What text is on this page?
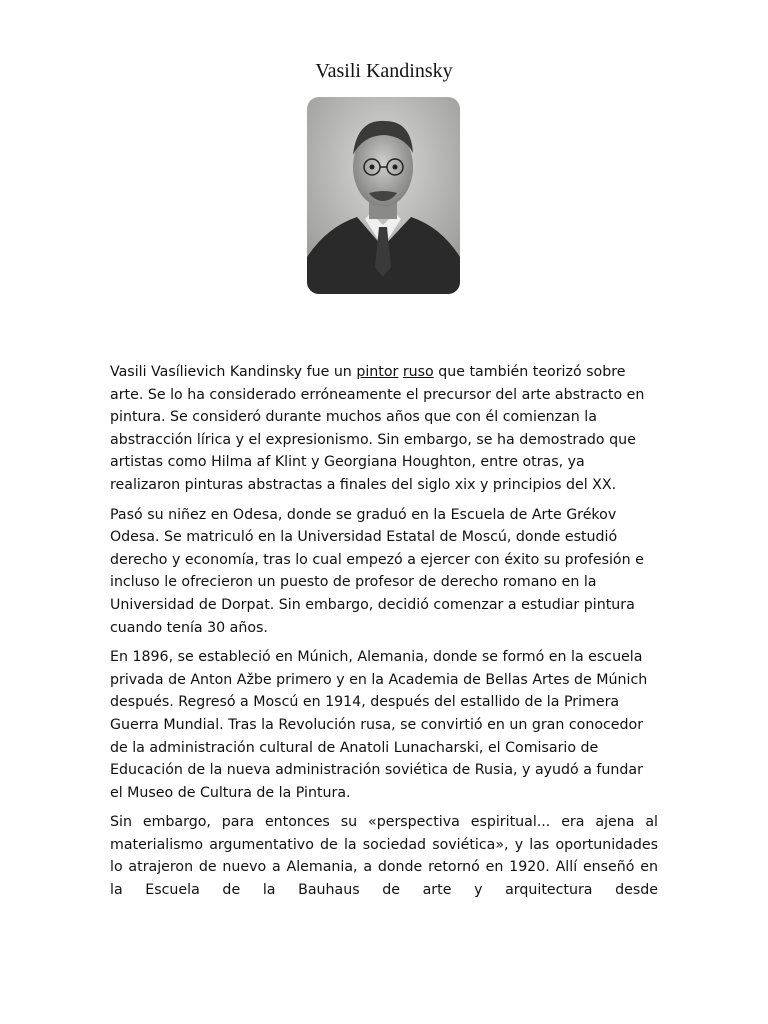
Vasili Kandinsky

Vasili Vasílievich Kandinsky fue un pintor ruso que también teorizó sobre arte. Se lo ha considerado erróneamente el precursor del arte abstracto en pintura. Se consideró durante muchos años que con él comienzan la abstracción lírica y el expresionismo. Sin embargo, se ha demostrado que artistas como Hilma af Klint y Georgiana Houghton, entre otras, ya realizaron pinturas abstractas a finales del siglo xix y principios del XX.

Pasó su niñez en Odesa, donde se graduó en la Escuela de Arte Grékov Odesa. Se matriculó en la Universidad Estatal de Moscú, donde estudió derecho y economía, tras lo cual empezó a ejercer con éxito su profesión e incluso le ofrecieron un puesto de profesor de derecho romano en la Universidad de Dorpat. Sin embargo, decidió comenzar a estudiar pintura cuando tenía 30 años.

En 1896, se estableció en Múnich, Alemania, donde se formó en la escuela privada de Anton Ažbe primero y en la Academia de Bellas Artes de Múnich después. Regresó a Moscú en 1914, después del estallido de la Primera Guerra Mundial. Tras la Revolución rusa, se convirtió en un gran conocedor de la administración cultural de Anatoli Lunacharski, el Comisario de Educación de la nueva administración soviética de Rusia, y ayudó a fundar el Museo de Cultura de la Pintura.

Sin embargo, para entonces su «perspectiva espiritual... era ajena al materialismo argumentativo de la sociedad soviética», y las oportunidades lo atrajeron de nuevo a Alemania, a donde retornó en 1920. Allí enseñó en la Escuela de la Bauhaus de arte y arquitectura desde
